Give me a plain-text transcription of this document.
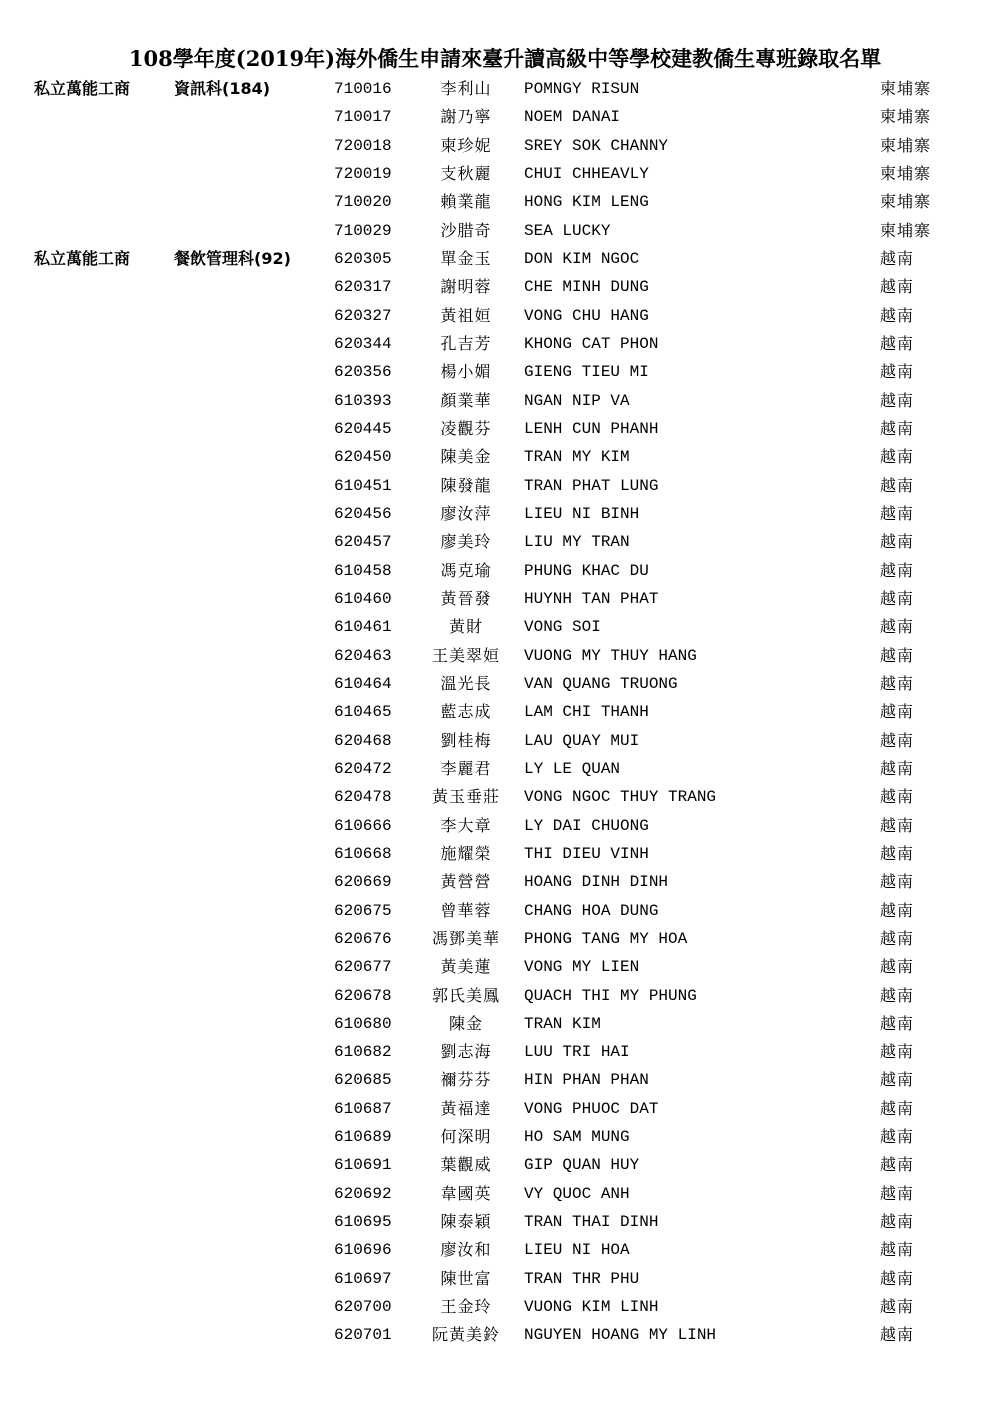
108學年度(2019年)海外僑生申請來臺升讀高級中等學校建教僑生專班錄取名單
私立萬能工商	資訊科(184)	710016	李利山	POMNGY RISUN	柬埔寨
710017	謝乃寧	NOEM DANAI	柬埔寨
720018	柬珍妮	SREY SOK CHANNY	柬埔寨
720019	支秋麗	CHUI CHHEAVLY	柬埔寨
710020	賴業龍	HONG KIM LENG	柬埔寨
710029	沙腊奇	SEA LUCKY	柬埔寨
私立萬能工商	餐飲管理科(92)	620305	單金玉	DON KIM NGOC	越南
620317	謝明蓉	CHE MINH DUNG	越南
620327	黃祖姮	VONG CHU HANG	越南
620344	孔吉芳	KHONG CAT PHON	越南
620356	楊小媚	GIENG TIEU MI	越南
610393	顏業華	NGAN NIP VA	越南
620445	凌觀芬	LENH CUN PHANH	越南
620450	陳美金	TRAN MY KIM	越南
610451	陳發龍	TRAN PHAT LUNG	越南
620456	廖汝萍	LIEU NI BINH	越南
620457	廖美玲	LIU MY TRAN	越南
610458	馮克瑜	PHUNG KHAC DU	越南
610460	黃晉發	HUYNH TAN PHAT	越南
610461	黃財	VONG SOI	越南
620463	王美翠姮	VUONG MY THUY HANG	越南
610464	溫光長	VAN QUANG TRUONG	越南
610465	藍志成	LAM CHI THANH	越南
620468	劉桂梅	LAU QUAY MUI	越南
620472	李麗君	LY LE QUAN	越南
620478	黃玉垂莊	VONG NGOC THUY TRANG	越南
610666	李大章	LY DAI CHUONG	越南
610668	施耀榮	THI DIEU VINH	越南
620669	黃營營	HOANG DINH DINH	越南
620675	曾華蓉	CHANG HOA DUNG	越南
620676	馮鄧美華	PHONG TANG MY HOA	越南
620677	黃美蓮	VONG MY LIEN	越南
620678	郭氏美鳳	QUACH THI MY PHUNG	越南
610680	陳金	TRAN KIM	越南
610682	劉志海	LUU TRI HAI	越南
620685	禰芬芬	HIN PHAN PHAN	越南
610687	黃福達	VONG PHUOC DAT	越南
610689	何深明	HO SAM MUNG	越南
610691	葉觀威	GIP QUAN HUY	越南
620692	韋國英	VY QUOC ANH	越南
610695	陳泰穎	TRAN THAI DINH	越南
610696	廖汝和	LIEU NI HOA	越南
610697	陳世富	TRAN THR PHU	越南
620700	王金玲	VUONG KIM LINH	越南
620701	阮黃美鈴	NGUYEN HOANG MY LINH	越南
